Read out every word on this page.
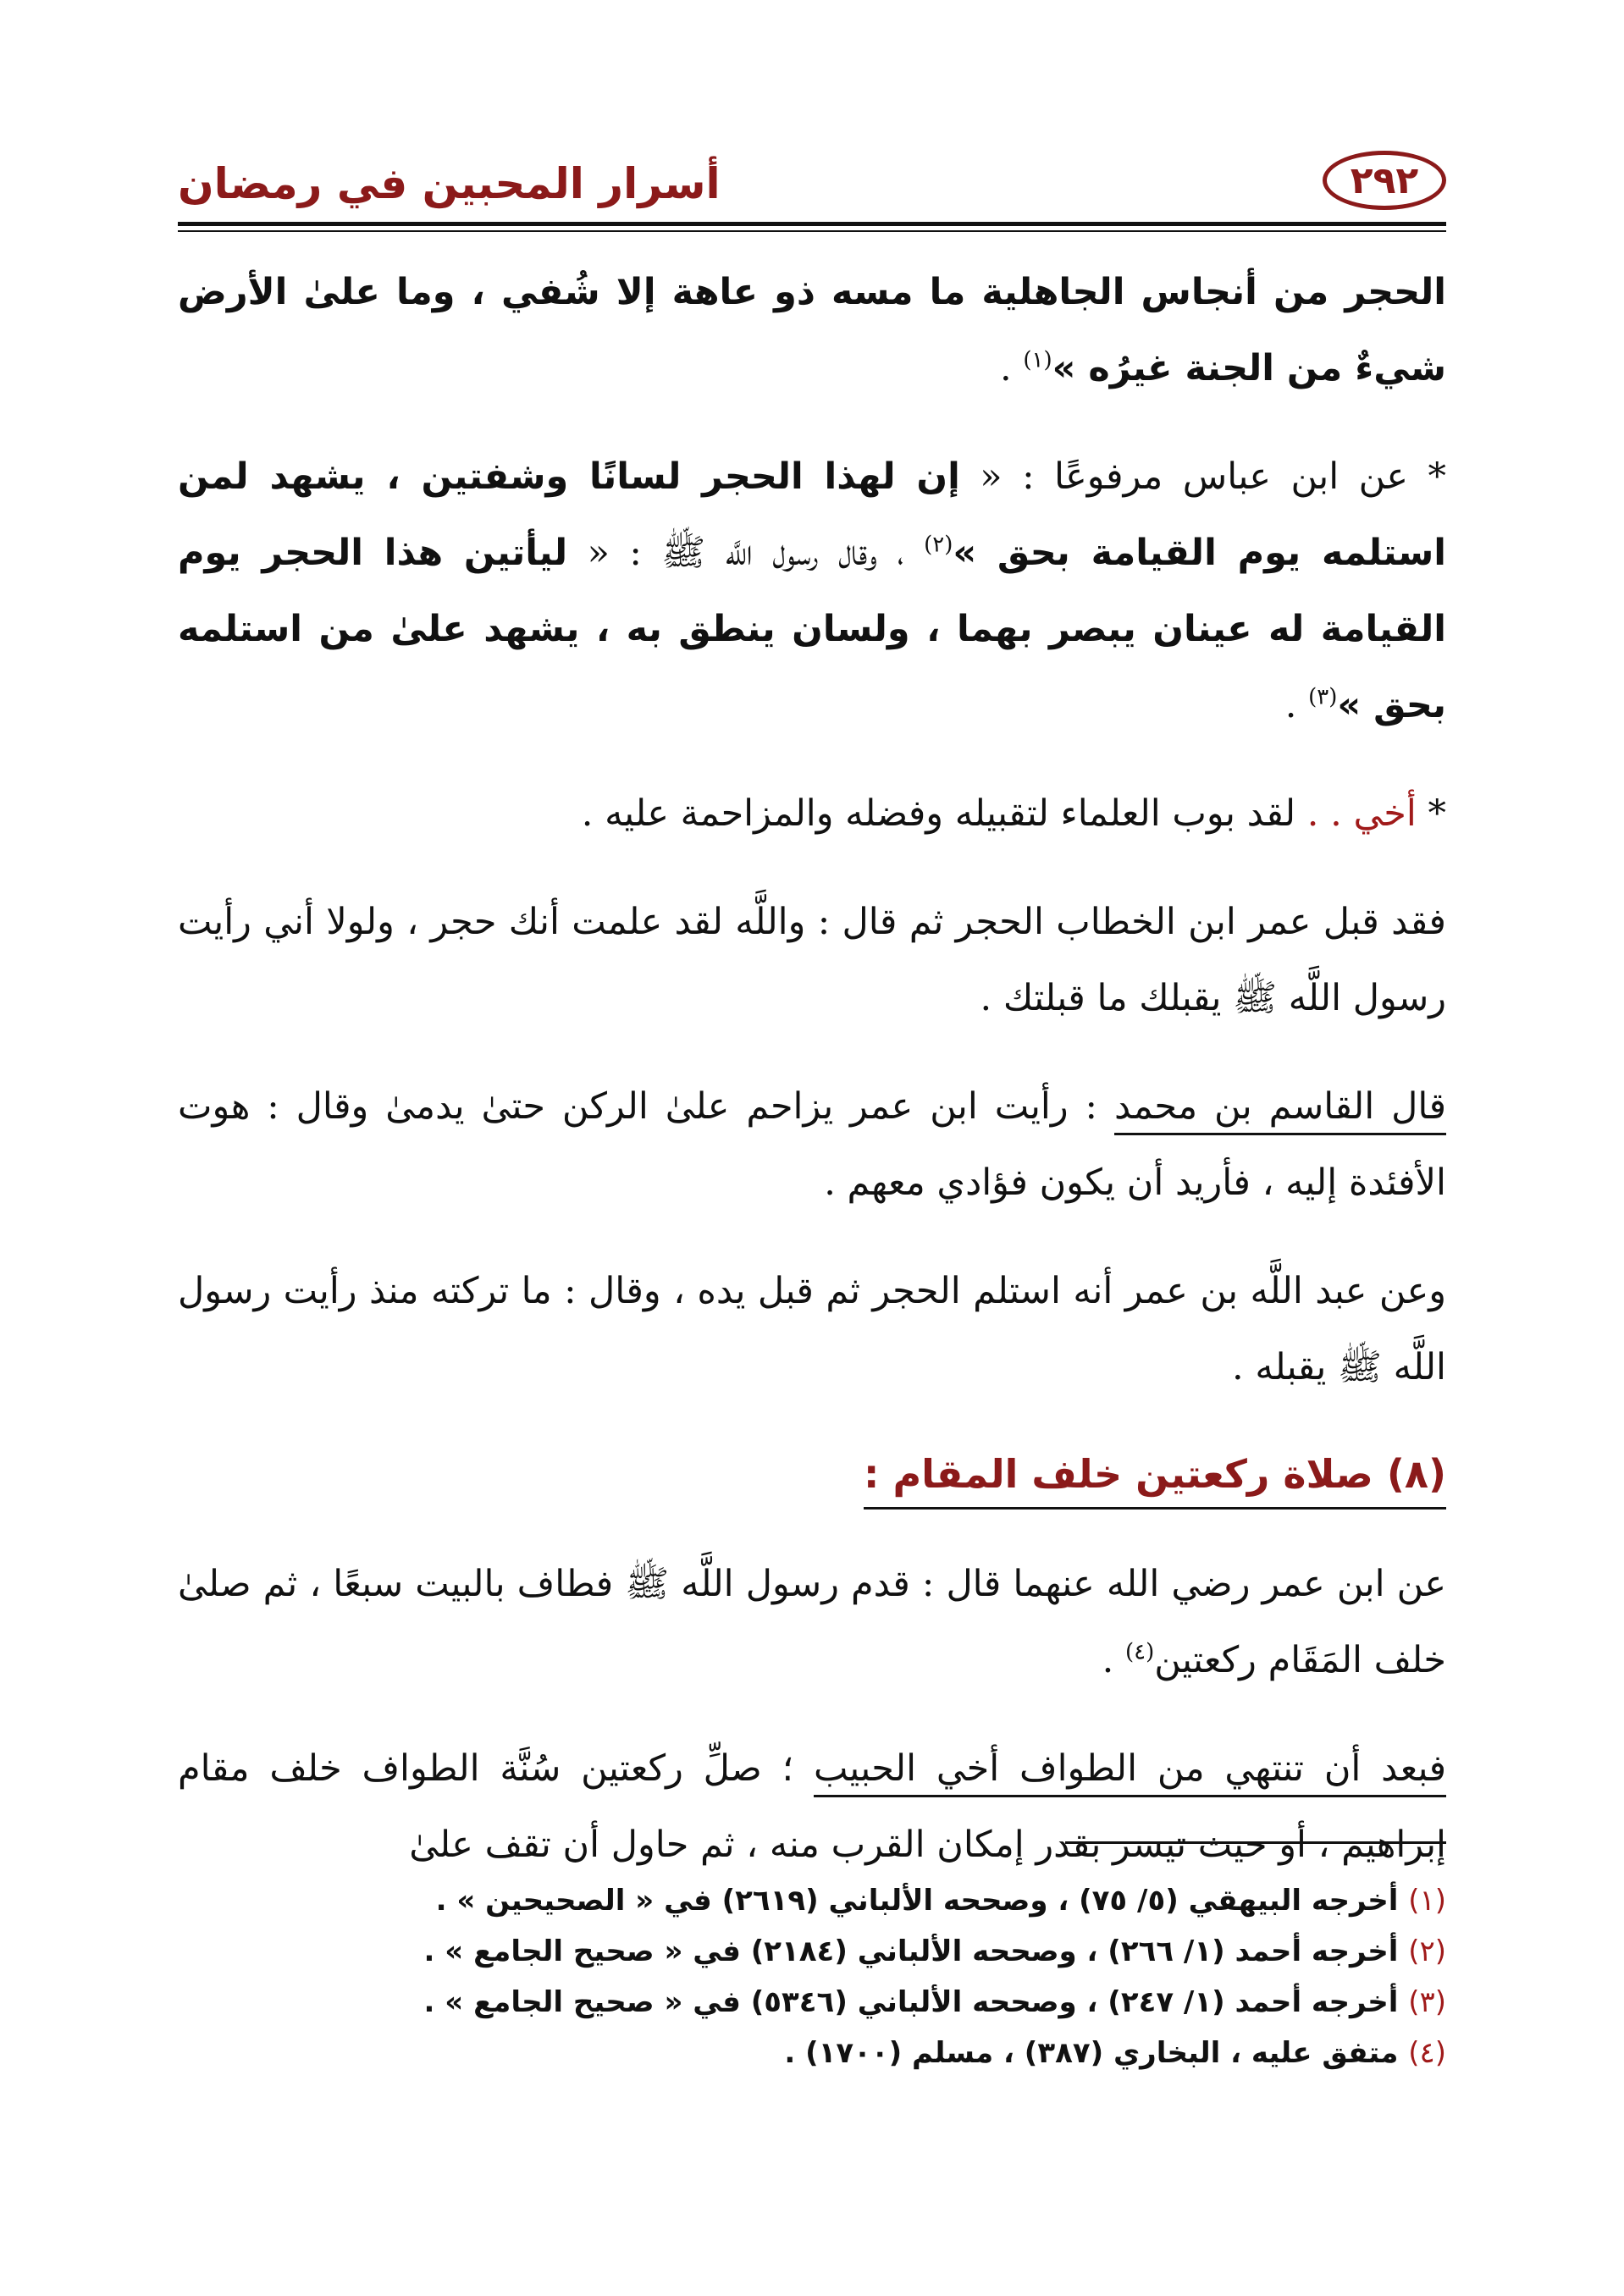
٢٩٢
أسرار المحبين في رمضان

الحجر من أنجاس الجاهلية ما مسه ذو عاهة إلا شُفي ، وما علىٰ الأرض شيءٌ من الجنة غيرُه »$^{(١)}$ .

* عن ابن عباس مرفوعًا : « إن لهذا الحجر لسانًا وشفتين ، يشهد لمن استلمه يوم القيامة بحق »$^{(٢)}$ ، وقال رسول اللَّه ﷺ : « ليأتين هذا الحجر يوم القيامة له عينان يبصر بهما ، ولسان ينطق به ، يشهد علىٰ من استلمه بحق »$^{(٣)}$ .

* أخي . . لقد بوب العلماء لتقبيله وفضله والمزاحمة عليه .

فقد قبل عمر ابن الخطاب الحجر ثم قال : واللَّه لقد علمت أنك حجر ، ولولا أني رأيت رسول اللَّه ﷺ يقبلك ما قبلتك .

قال القاسم بن محمد : رأيت ابن عمر يزاحم علىٰ الركن حتىٰ يدمىٰ وقال : هوت الأفئدة إليه ، فأريد أن يكون فؤادي معهم .

وعن عبد اللَّه بن عمر أنه استلم الحجر ثم قبل يده ، وقال : ما تركته منذ رأيت رسول اللَّه ﷺ يقبله .

(٨) صلاة ركعتين خلف المقام :

عن ابن عمر رضي الله عنهما قال : قدم رسول اللَّه ﷺ فطاف بالبيت سبعًا ، ثم صلىٰ خلف المَقَام ركعتين$^{(٤)}$ .

فبعد أن تنتهي من الطواف أخي الحبيب ؛ صلِّ ركعتين سُنَّة الطواف خلف مقام إبراهيم ، أو حيث تيسر بقدر إمكان القرب منه ، ثم حاول أن تقف علىٰ

(١) أخرجه البيهقي (٥/ ٧٥) ، وصححه الألباني (٢٦١٩) في « الصحيحين » .
(٢) أخرجه أحمد (١/ ٢٦٦) ، وصححه الألباني (٢١٨٤) في « صحيح الجامع » .
(٣) أخرجه أحمد (١/ ٢٤٧) ، وصححه الألباني (٥٣٤٦) في « صحيح الجامع » .
(٤) متفق عليه ، البخاري (٣٨٧) ، مسلم (١٧٠٠) .
